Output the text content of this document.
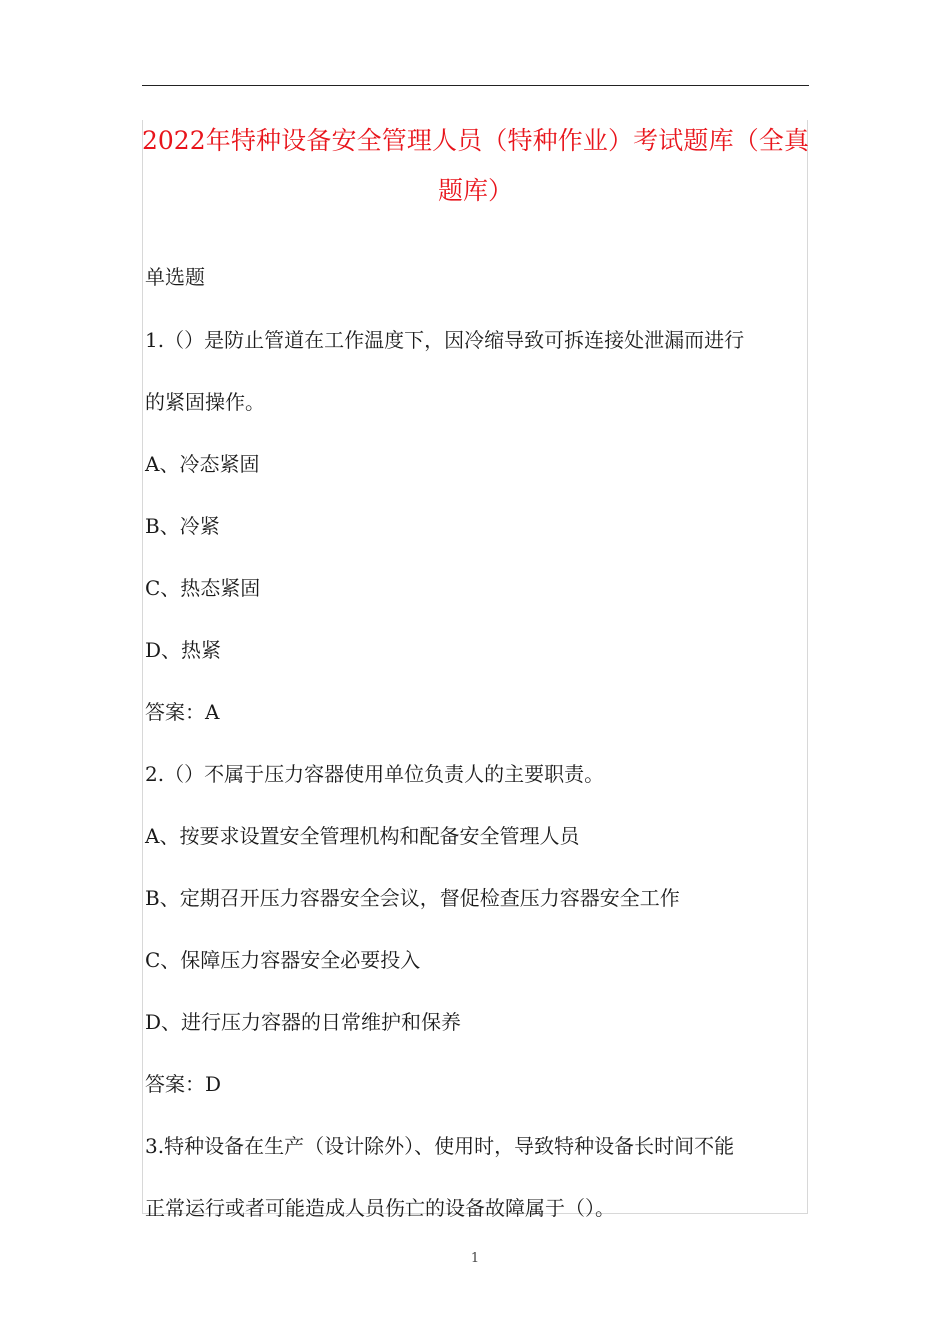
2022年特种设备安全管理人员（特种作业）考试题库（全真题库）

单选题

1.（）是防止管道在工作温度下，因冷缩导致可拆连接处泄漏而进行
的紧固操作。
A、冷态紧固
B、冷紧
C、热态紧固
D、热紧
答案：A
2.（）不属于压力容器使用单位负责人的主要职责。
A、按要求设置安全管理机构和配备安全管理人员
B、定期召开压力容器安全会议，督促检查压力容器安全工作
C、保障压力容器安全必要投入
D、进行压力容器的日常维护和保养
答案：D
3.特种设备在生产（设计除外）、使用时，导致特种设备长时间不能
正常运行或者可能造成人员伤亡的设备故障属于（）。
1
